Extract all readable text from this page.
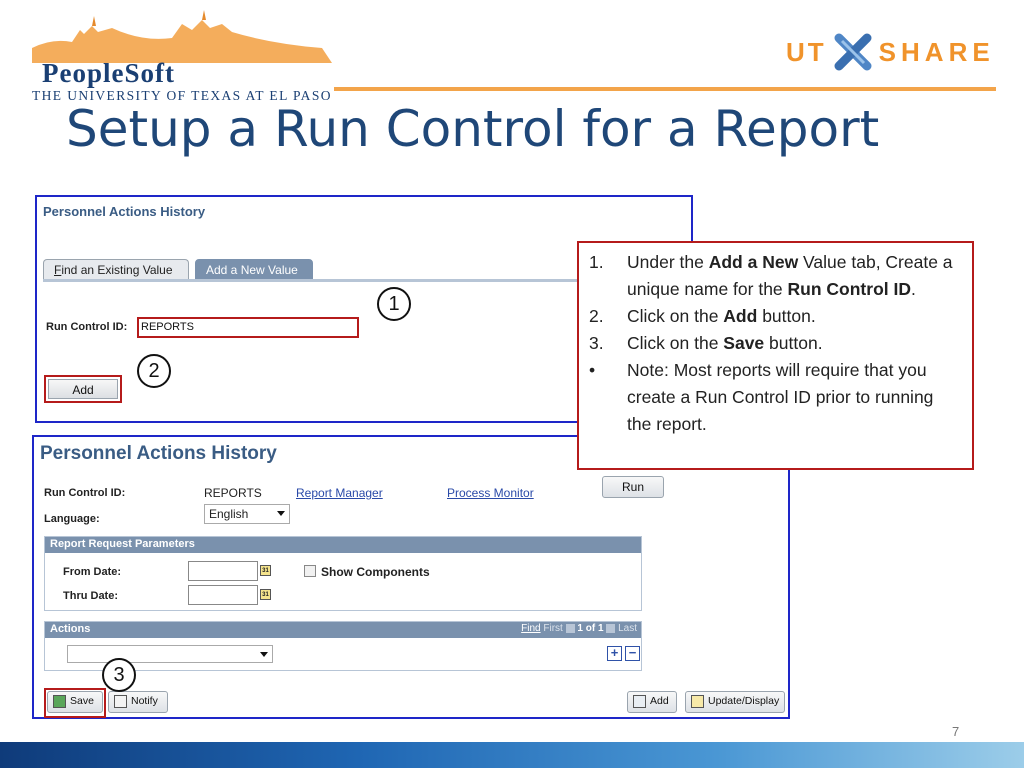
PeopleSoft
THE UNIVERSITY OF TEXAS AT EL PASO
UT SHARE
Setup a Run Control for a Report
Personnel Actions History
Find an Existing Value	Add a New Value
Run Control ID:	REPORTS
Add
1
2
Personnel Actions History
Run Control ID:	REPORTS	Report Manager	Process Monitor	Run
Language:	English
Report Request Parameters
From Date:	31	Show Components
Thru Date:	31
Actions	Find First 1 of 1 Last
+ −
Save	Notify	Add	Update/Display
3
1.	Under the Add a New Value tab, Create a unique name for the Run Control ID.
2.	Click on the Add button.
3.	Click on the Save button.
•	Note: Most reports will require that you create a Run Control ID prior to running the report.
7
